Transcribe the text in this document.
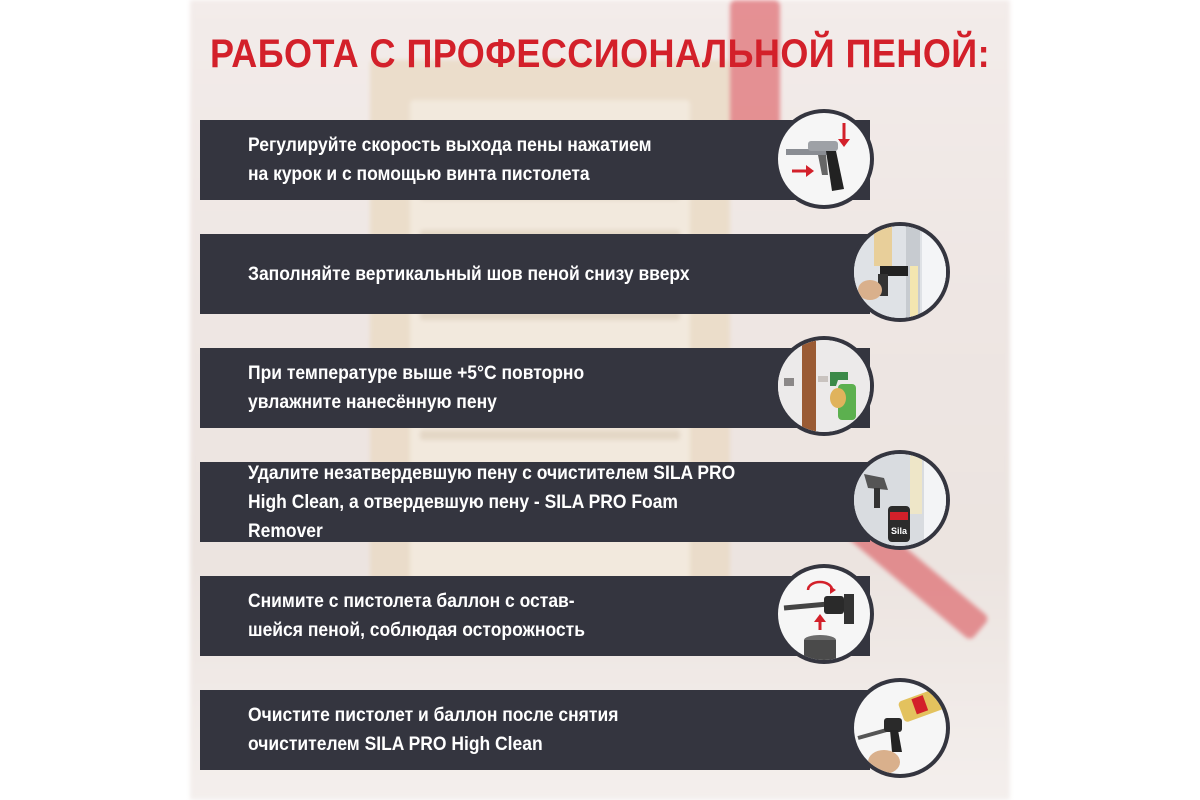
РАБОТА С ПРОФЕССИОНАЛЬНОЙ ПЕНОЙ:
Регулируйте скорость выхода пены нажатием
на курок и с помощью винта пистолета
Заполняйте вертикальный шов пеной снизу вверх
При температуре выше +5°С повторно
увлажните нанесённую пену
Удалите незатвердевшую пену с очистителем SILA PRO
High Clean, а отвердевшую пену - SILA PRO Foam Remover	Sila
Снимите с пистолета баллон с остав-
шейся пеной, соблюдая осторожность
Очистите пистолет и баллон после снятия
очистителем SILA PRO High Clean
